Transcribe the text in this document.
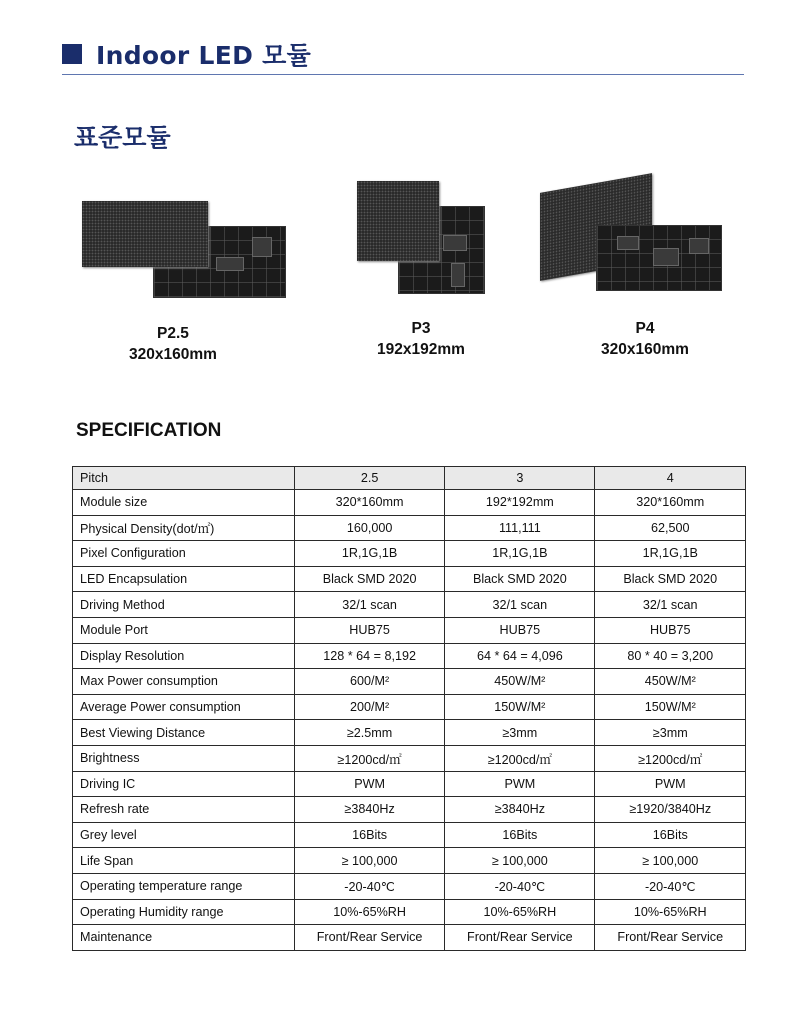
Indoor LED 모듈
표준모듈
P2.5
320x160mm
P3
192x192mm
P4
320x160mm
SPECIFICATION
Pitch	2.5	3	4
Module size	320*160mm	192*192mm	320*160mm
Physical Density(dot/㎡)	160,000	111,111	62,500
Pixel Configuration	1R,1G,1B	1R,1G,1B	1R,1G,1B
LED Encapsulation	Black SMD 2020	Black SMD 2020	Black SMD 2020
Driving Method	32/1 scan	32/1 scan	32/1 scan
Module Port	HUB75	HUB75	HUB75
Display Resolution	128 * 64 = 8,192	64 * 64 = 4,096	80 * 40 = 3,200
Max Power consumption	600/M²	450W/M²	450W/M²
Average Power consumption	200/M²	150W/M²	150W/M²
Best Viewing Distance	≥2.5mm	≥3mm	≥3mm
Brightness	≥1200cd/㎡	≥1200cd/㎡	≥1200cd/㎡
Driving IC	PWM	PWM	PWM
Refresh rate	≥3840Hz	≥3840Hz	≥1920/3840Hz
Grey level	16Bits	16Bits	16Bits
Life Span	≥ 100,000	≥ 100,000	≥ 100,000
Operating temperature range	-20-40℃	-20-40℃	-20-40℃
Operating Humidity range	10%-65%RH	10%-65%RH	10%-65%RH
Maintenance	Front/Rear Service	Front/Rear Service	Front/Rear Service
